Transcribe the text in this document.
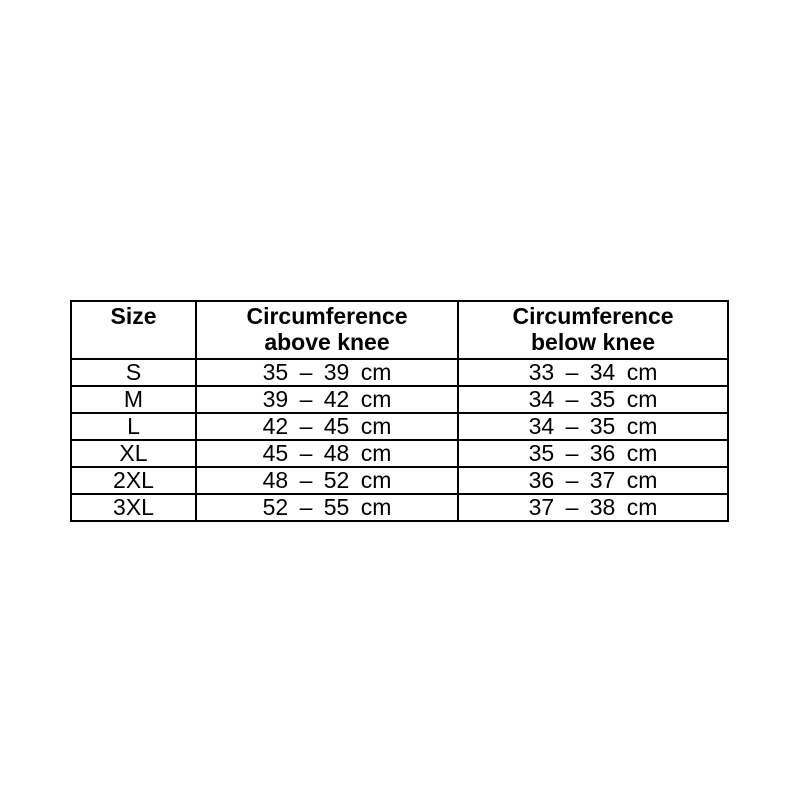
Size	Circumference above knee	Circumference below knee
S	35 – 39 cm	33 – 34 cm
M	39 – 42 cm	34 – 35 cm
L	42 – 45 cm	34 – 35 cm
XL	45 – 48 cm	35 – 36 cm
2XL	48 – 52 cm	36 – 37 cm
3XL	52 – 55 cm	37 – 38 cm
